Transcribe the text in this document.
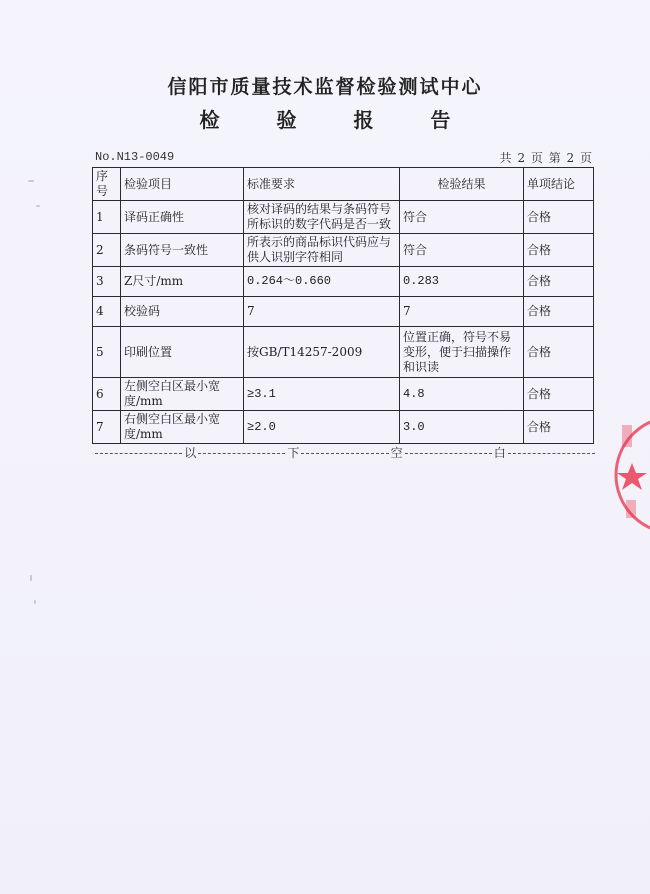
信阳市质量技术监督检验测试中心
检 验 报 告
No.N13-0049	共 2 页 第 2 页
序号	检验项目	标准要求	检验结果	单项结论
1	译码正确性	核对译码的结果与条码符号所标识的数字代码是否一致	符合	合格
2	条码符号一致性	所表示的商品标识代码应与供人识别字符相同	符合	合格
3	Z尺寸/mm	0.264～0.660	0.283	合格
4	校验码	7	7	合格
5	印刷位置	按GB/T14257-2009	位置正确，符号不易变形，便于扫描操作和识读	合格
6	左侧空白区最小宽度/mm	≥3.1	4.8	合格
7	右侧空白区最小宽度/mm	≥2.0	3.0	合格
以	下	空	白
